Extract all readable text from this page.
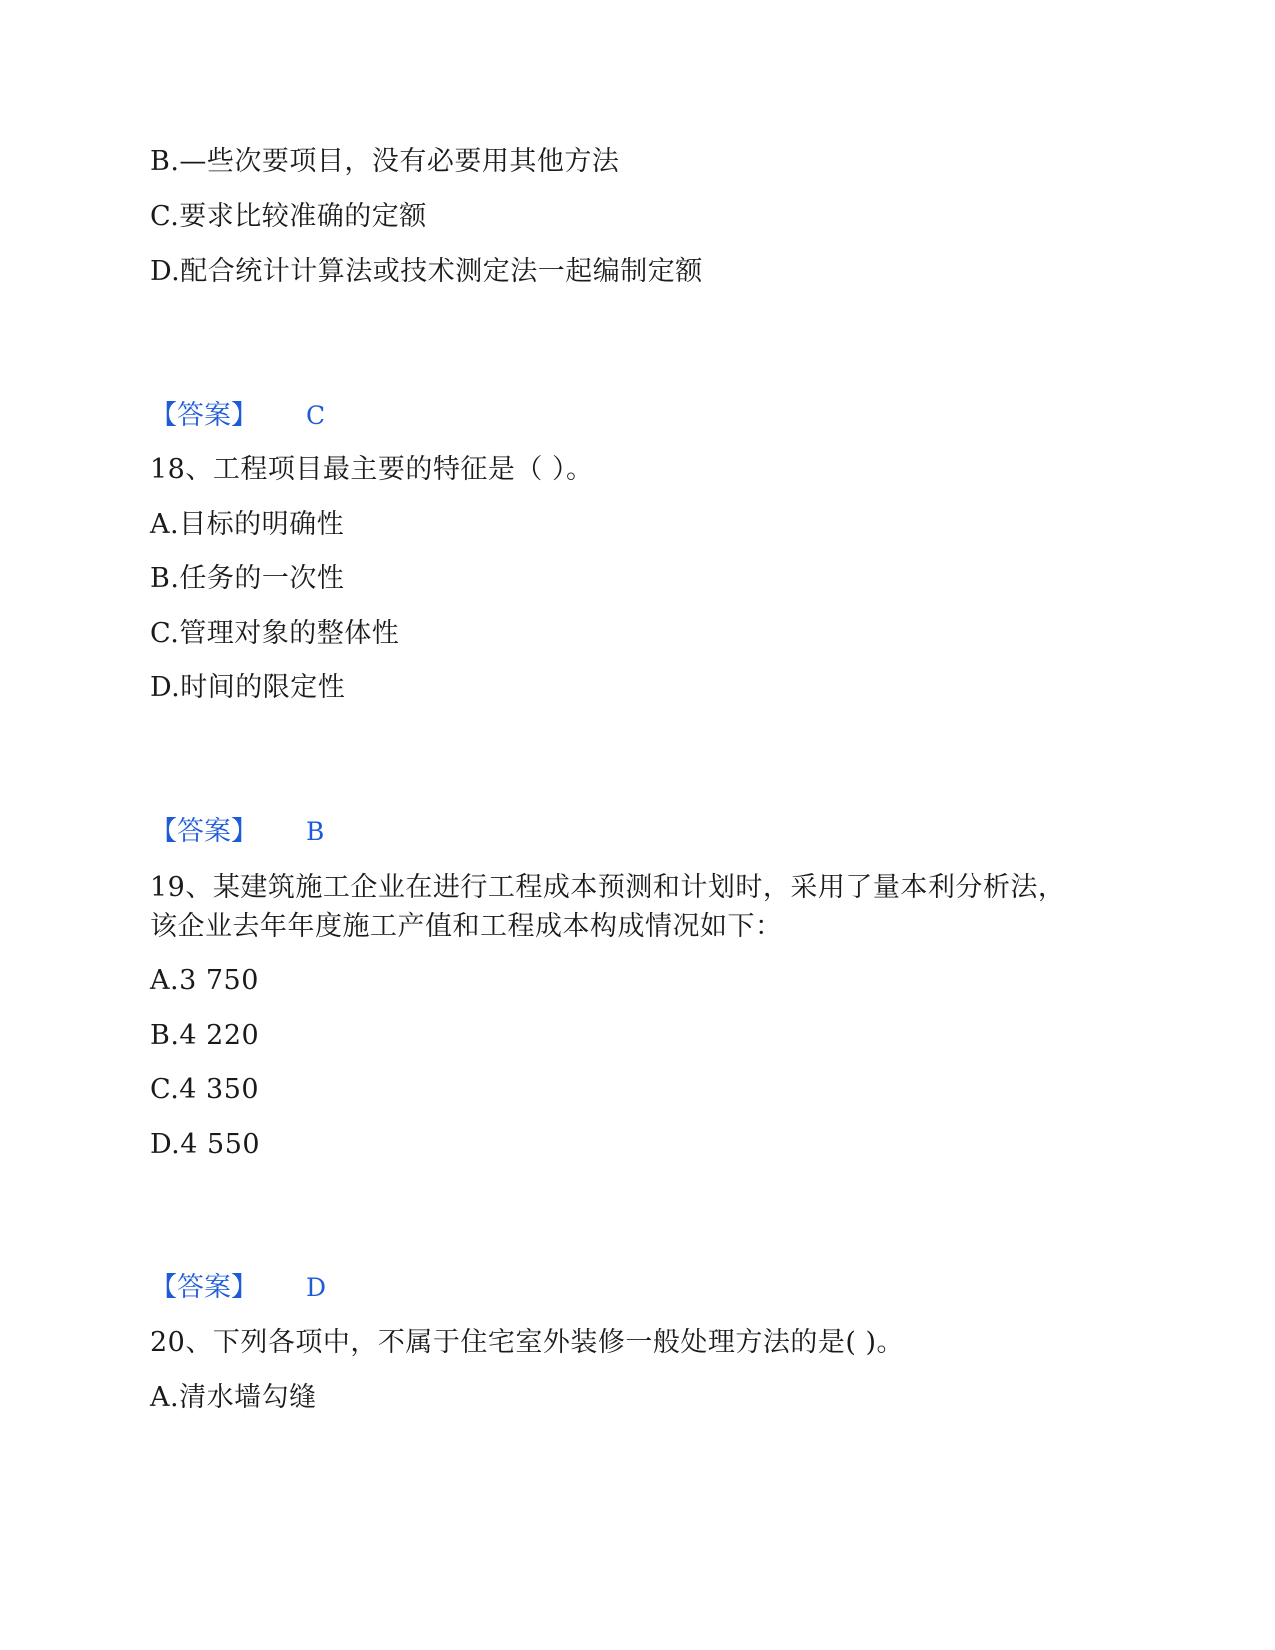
B.—些次要项目，没有必要用其他方法
C.要求比较准确的定额
D.配合统计计算法或技术测定法一起编制定额
【答案】 C
18、工程项目最主要的特征是（ ）。
A.目标的明确性
B.任务的一次性
C.管理对象的整体性
D.时间的限定性
【答案】 B
19、某建筑施工企业在进行工程成本预测和计划时，采用了量本利分析法，
该企业去年年度施工产值和工程成本构成情况如下：
A.3 750
B.4 220
C.4 350
D.4 550
【答案】 D
20、下列各项中，不属于住宅室外装修一般处理方法的是( )。
A.清水墙勾缝
